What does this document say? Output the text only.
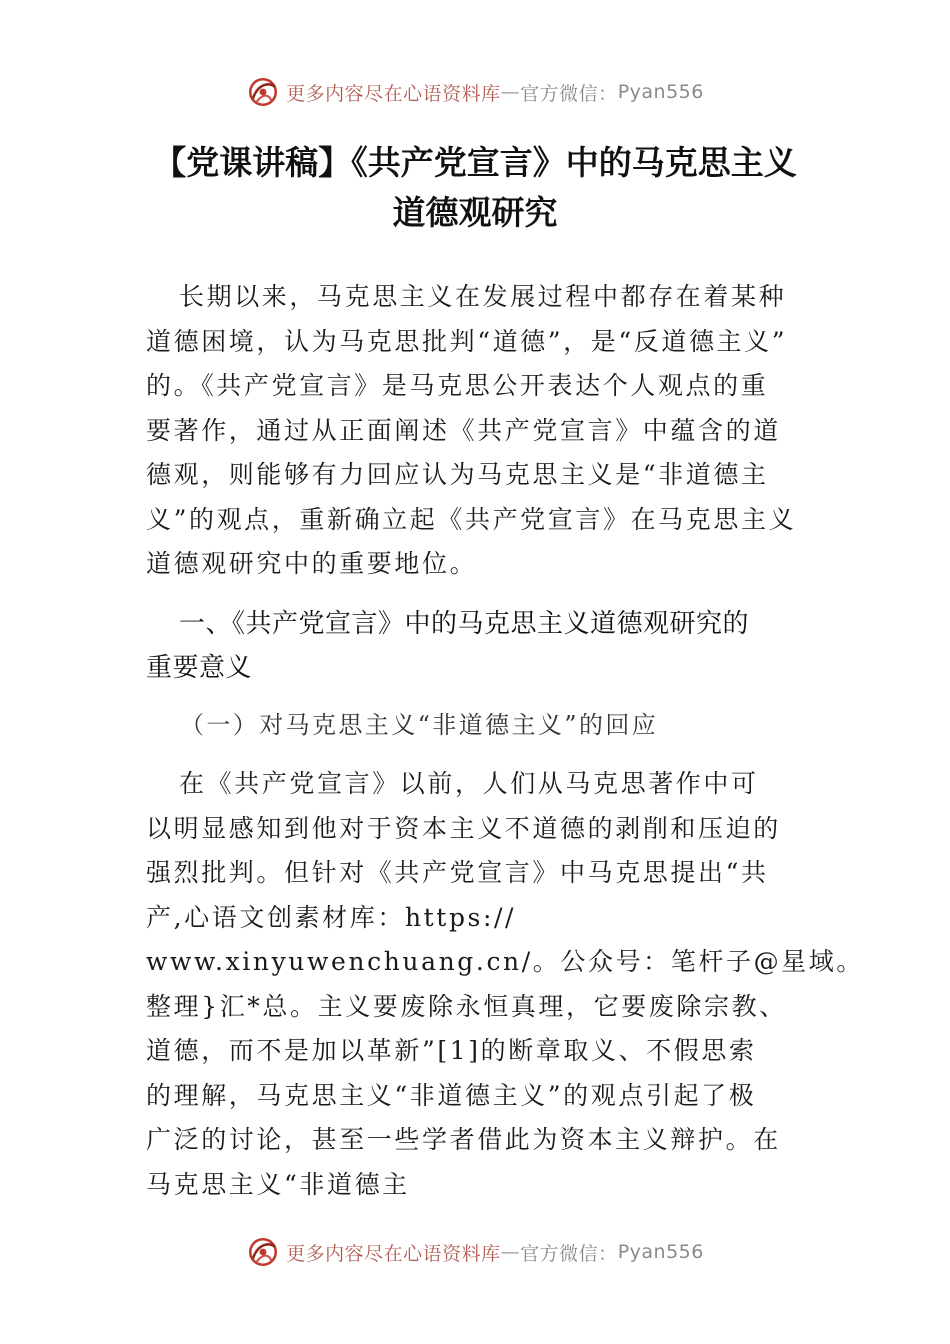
更多内容尽在心语资料库 — 官方微信： Pyan556
【党课讲稿】《共产党宣言》中的马克思主义
道德观研究
长期以来，马克思主义在发展过程中都存在着某种
道德困境，认为马克思批判“道德”，是“反道德主义”
的。《共产党宣言》是马克思公开表达个人观点的重
要著作，通过从正面阐述《共产党宣言》中蕴含的道
德观，则能够有力回应认为马克思主义是“非道德主
义”的观点，重新确立起《共产党宣言》在马克思主义
道德观研究中的重要地位。
一、《共产党宣言》中的马克思主义道德观研究的
重要意义
（一）对马克思主义“非道德主义”的回应
在《共产党宣言》以前，人们从马克思著作中可
以明显感知到他对于资本主义不道德的剥削和压迫的
强烈批判。但针对《共产党宣言》中马克思提出“共
产,心语文创素材库：https://
www.xinyuwenchuang.cn/。公众号：笔杆子@星域。
整理}汇*总。主义要废除永恒真理，它要废除宗教、
道德，而不是加以革新”[1]的断章取义、不假思索
的理解，马克思主义“非道德主义”的观点引起了极
广泛的讨论，甚至一些学者借此为资本主义辩护。在
马克思主义“非道德主
更多内容尽在心语资料库 — 官方微信： Pyan556
